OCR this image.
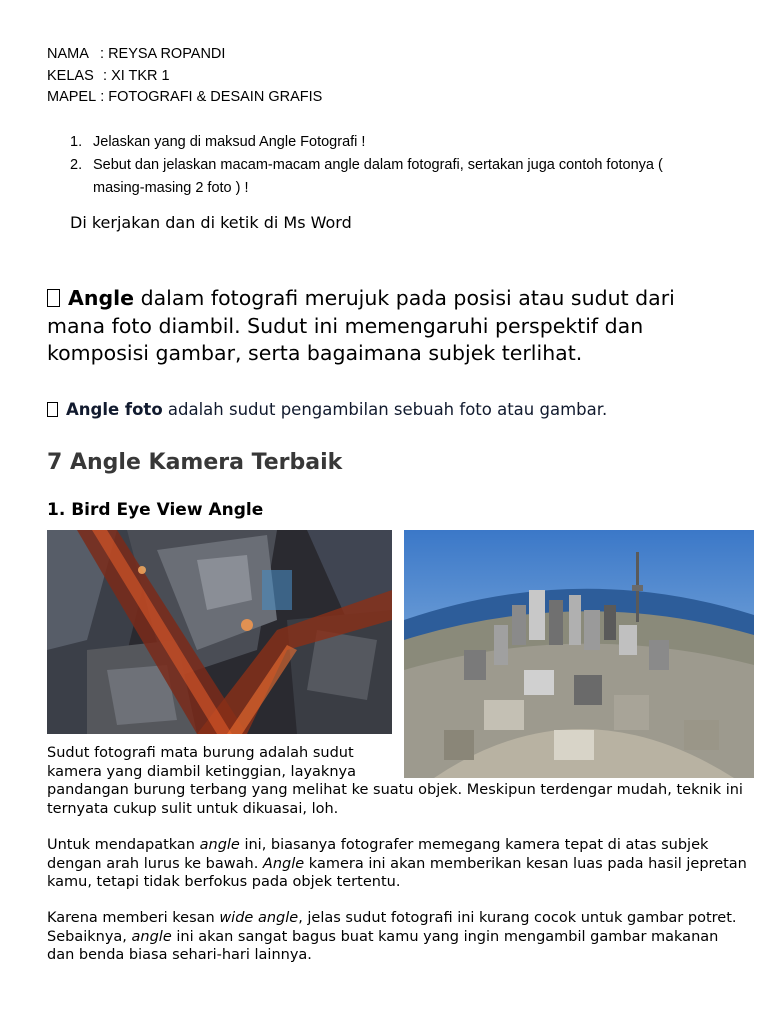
NAMA : REYSA ROPANDI
KELAS : XI TKR 1
MAPEL : FOTOGRAFI & DESAIN GRAFIS
1. Jelaskan yang di maksud Angle Fotografi !
2. Sebut dan jelaskan macam-macam angle dalam fotografi, sertakan juga contoh fotonya ( masing-masing 2 foto ) !
Di kerjakan dan di ketik di Ms Word

Angle dalam fotografi merujuk pada posisi atau sudut dari mana foto diambil. Sudut ini memengaruhi perspektif dan komposisi gambar, serta bagaimana subjek terlihat.

Angle foto adalah sudut pengambilan sebuah foto atau gambar.

7 Angle Kamera Terbaik
1. Bird Eye View Angle

Sudut fotografi mata burung adalah sudut kamera yang diambil ketinggian, layaknya

pandangan burung terbang yang melihat ke suatu objek. Meskipun terdengar mudah, teknik ini ternyata cukup sulit untuk dikuasai, loh.

Untuk mendapatkan angle ini, biasanya fotografer memegang kamera tepat di atas subjek dengan arah lurus ke bawah. Angle kamera ini akan memberikan kesan luas pada hasil jepretan kamu, tetapi tidak berfokus pada objek tertentu.

Karena memberi kesan wide angle, jelas sudut fotografi ini kurang cocok untuk gambar potret. Sebaiknya, angle ini akan sangat bagus buat kamu yang ingin mengambil gambar makanan dan benda biasa sehari-hari lainnya.
